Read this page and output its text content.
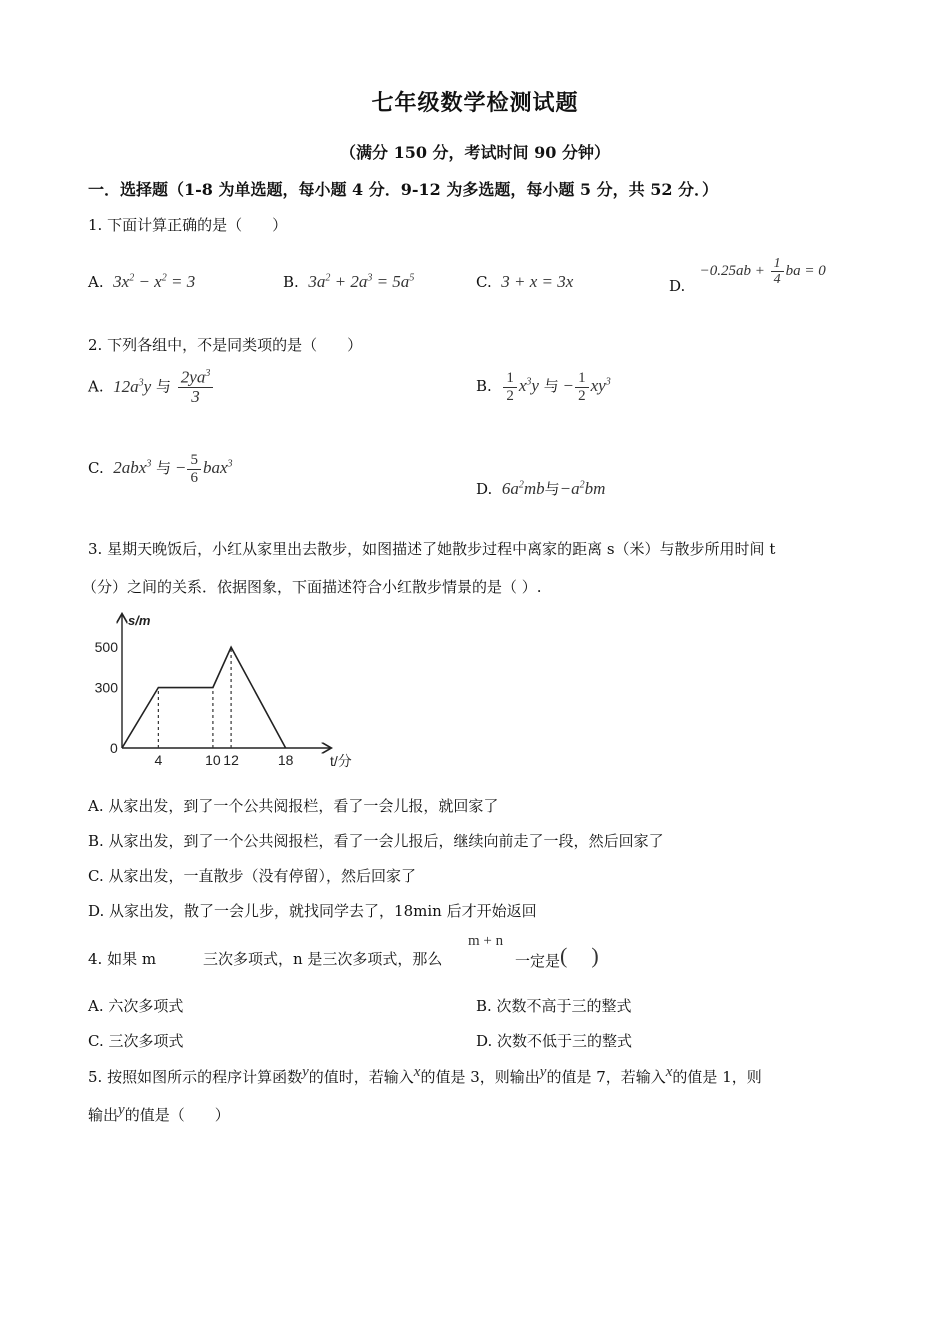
七年级数学检测试题
（满分 150 分，考试时间 90 分钟）
一．选择题（1-8 为单选题，每小题 4 分．9-12 为多选题，每小题 5 分，共 52 分．）
1. 下面计算正确的是（　　）
A. $3x^2 - x^2 = 3$	B. $3a^2 + 2a^3 = 5a^5$	C. 3 + x = 3x	D.   $-0.25ab + \frac{1}{4}$ ba = 0
2. 下列各组中，不是同类项的是（　　）
A. $12a^3y$ 与 $\frac{2ya^3}{3}$	B. $\frac{1}{2} x^3y$ 与 − $\frac{1}{2} xy^3$
C. 2abx$^3$ 与 − $\frac{5}{6} bax^3$
D. $6a^2mb$与$-a^2bm$
3. 星期天晚饭后，小红从家里出去散步，如图描述了她散步过程中离家的距离 s（米）与散步所用时间 t
（分）之间的关系．依据图象，下面描述符合小红散步情景的是（ ）.
s/m
t/分
0
4	10 12	18
300
500
A. 从家出发，到了一个公共阅报栏，看了一会儿报，就回家了
B. 从家出发，到了一个公共阅报栏，看了一会儿报后，继续向前走了一段，然后回家了
C. 从家出发，一直散步（没有停留），然后回家了
D. 从家出发，散了一会儿步，就找同学去了，18min 后才开始返回
4. 如果 m	三次多项式，n 是三次多项式，那么
m + n
一定是( )
A. 六次多项式	B. 次数不高于三的整式
C. 三次多项式	D. 次数不低于三的整式
5. 按照如图所示的程序计算函数y的值时，若输入x的值是 3，则输出y的值是 7，若输入x的值是 1，则
输出y的值是（　　）
